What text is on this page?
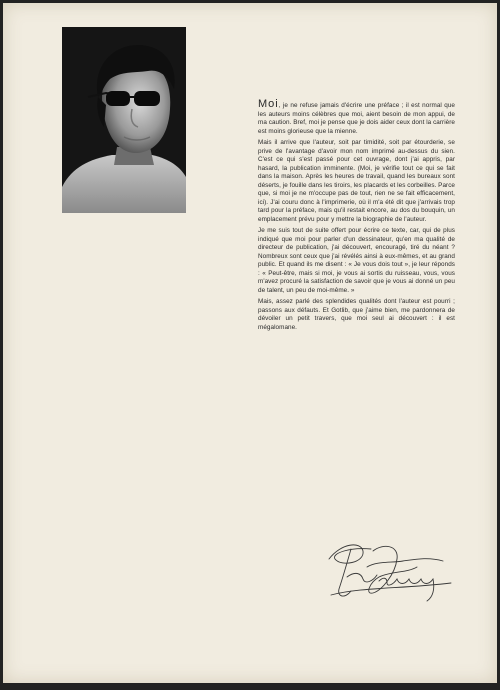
Moi, je ne refuse jamais d'écrire une préface ; il est normal que les auteurs moins célèbres que moi, aient besoin de mon appui, de ma caution. Bref, moi je pense que je dois aider ceux dont la carrière est moins glorieuse que la mienne.

Mais il arrive que l'auteur, soit par timidité, soit par étourderie, se prive de l'avantage d'avoir mon nom imprimé au-dessus du sien. C'est ce qui s'est passé pour cet ouvrage, dont j'ai appris, par hasard, la publication imminente. (Moi, je vérifie tout ce qui se fait dans la maison. Après les heures de travail, quand les bureaux sont déserts, je fouille dans les tiroirs, les placards et les corbeilles. Parce que, si moi je ne m'occupe pas de tout, rien ne se fait efficacement, ici). J'ai couru donc à l'imprimerie, où il m'a été dit que j'arrivais trop tard pour la préface, mais qu'il restait encore, au dos du bouquin, un emplacement prévu pour y mettre la biographie de l'auteur.

Je me suis tout de suite offert pour écrire ce texte, car, qui de plus indiqué que moi pour parler d'un dessinateur, qu'en ma qualité de directeur de publication, j'ai découvert, encouragé, tiré du néant ? Nombreux sont ceux que j'ai révélés ainsi à eux-mêmes, et au grand public. Et quand ils me disent : « Je vous dois tout », je leur réponds : « Peut-être, mais si moi, je vous ai sortis du ruisseau, vous, vous m'avez procuré la satisfaction de savoir que je vous ai donné un peu de talent, un peu de moi-même. »

Mais, assez parlé des splendides qualités dont l'auteur est pourri ; passons aux défauts. Et Gotlib, que j'aime bien, me pardonnera de dévoiler un petit travers, que moi seul ai découvert : il est mégalomane.
